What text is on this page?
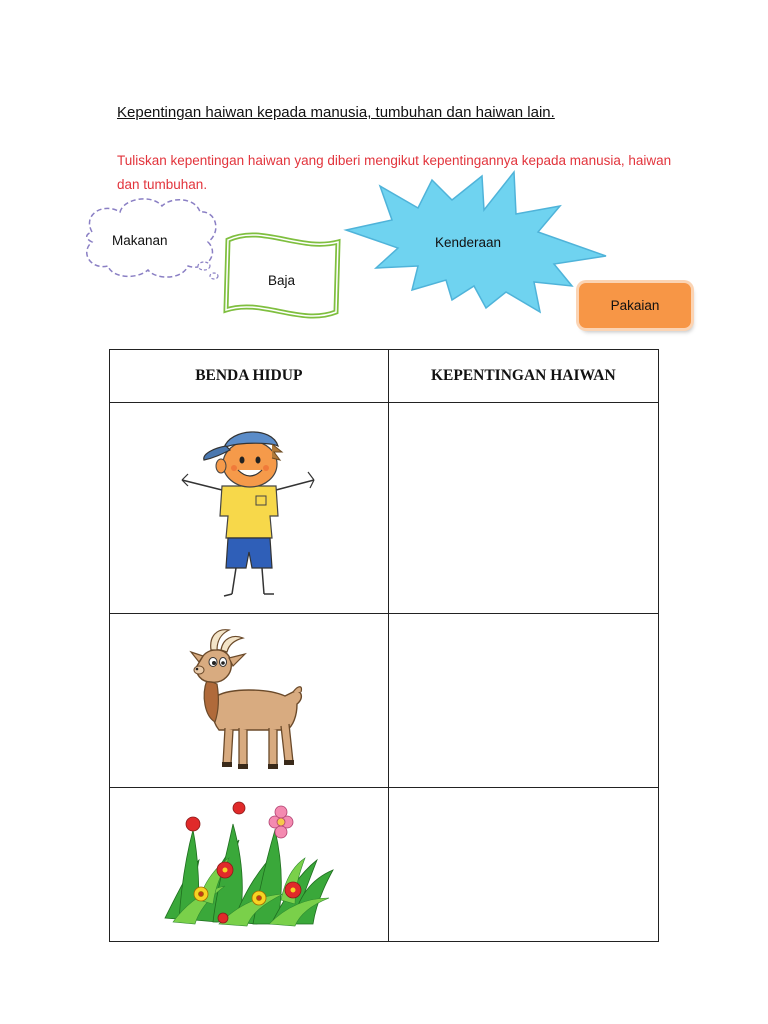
Kepentingan haiwan kepada manusia, tumbuhan dan haiwan lain.

Tuliskan kepentingan haiwan yang diberi mengikut kepentingannya kepada manusia, haiwan dan tumbuhan.

Makanan
Baja
Kenderaan
Pakaian
BENDA HIDUP	KEPENTINGAN HAIWAN
